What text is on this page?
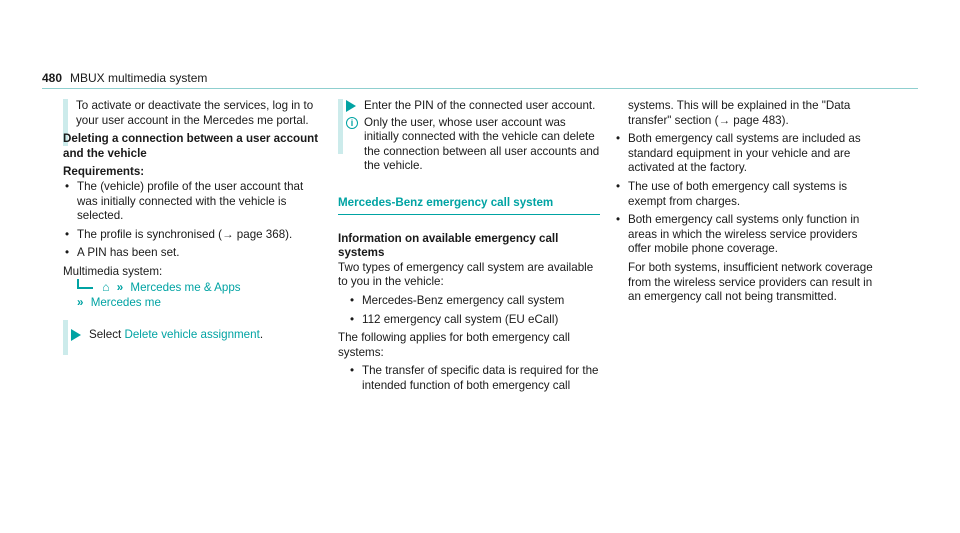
480 MBUX multimedia system

To activate or deactivate the services, log in to your user account in the Mercedes me portal.

Deleting a connection between a user account and the vehicle

Requirements:

• The (vehicle) profile of the user account that was initially connected with the vehicle is selected.
• The profile is synchronised (→ page 368).
• A PIN has been set.

Multimedia system:

⌂ » Mercedes me & Apps
» Mercedes me
Select Delete vehicle assignment.
Enter the PIN of the connected user account.
i Only the user, whose user account was initially connected with the vehicle can delete the connection between all user accounts and the vehicle.
Mercedes-Benz emergency call system

Information on available emergency call systems

Two types of emergency call system are available to you in the vehicle:

• Mercedes-Benz emergency call system
• 112 emergency call system (EU eCall)

The following applies for both emergency call systems:

• The transfer of specific data is required for the intended function of both emergency call

systems. This will be explained in the "Data transfer" section (→ page 483).

• Both emergency call systems are included as standard equipment in your vehicle and are activated at the factory.
• The use of both emergency call systems is exempt from charges.
• Both emergency call systems only function in areas in which the wireless service providers offer mobile phone coverage.

For both systems, insufficient network coverage from the wireless service providers can result in an emergency call not being transmitted.
